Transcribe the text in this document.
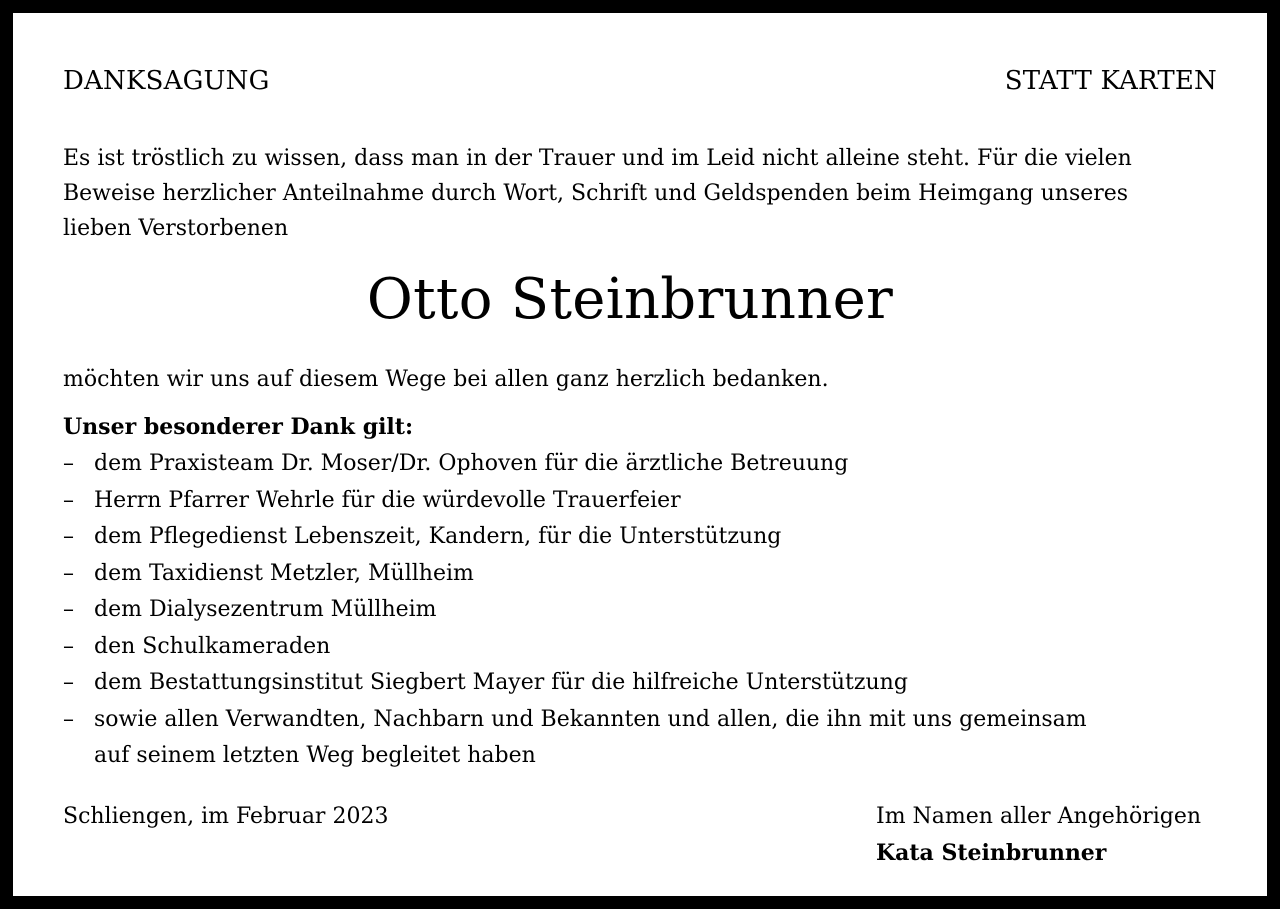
DANKSAGUNG	STATT KARTEN
Es ist tröstlich zu wissen, dass man in der Trauer und im Leid nicht alleine steht. Für die vielen
Beweise herzlicher Anteilnahme durch Wort, Schrift und Geldspenden beim Heimgang unseres
lieben Verstorbenen
Otto Steinbrunner
möchten wir uns auf diesem Wege bei allen ganz herzlich bedanken.
Unser besonderer Dank gilt:
– dem Praxisteam Dr. Moser/Dr. Ophoven für die ärztliche Betreuung
– Herrn Pfarrer Wehrle für die würdevolle Trauerfeier
– dem Pflegedienst Lebenszeit, Kandern, für die Unterstützung
– dem Taxidienst Metzler, Müllheim
– dem Dialysezentrum Müllheim
– den Schulkameraden
– dem Bestattungsinstitut Siegbert Mayer für die hilfreiche Unterstützung
– sowie allen Verwandten, Nachbarn und Bekannten und allen, die ihn mit uns gemeinsam
auf seinem letzten Weg begleitet haben
Schliengen, im Februar 2023	Im Namen aller Angehörigen
Kata Steinbrunner
